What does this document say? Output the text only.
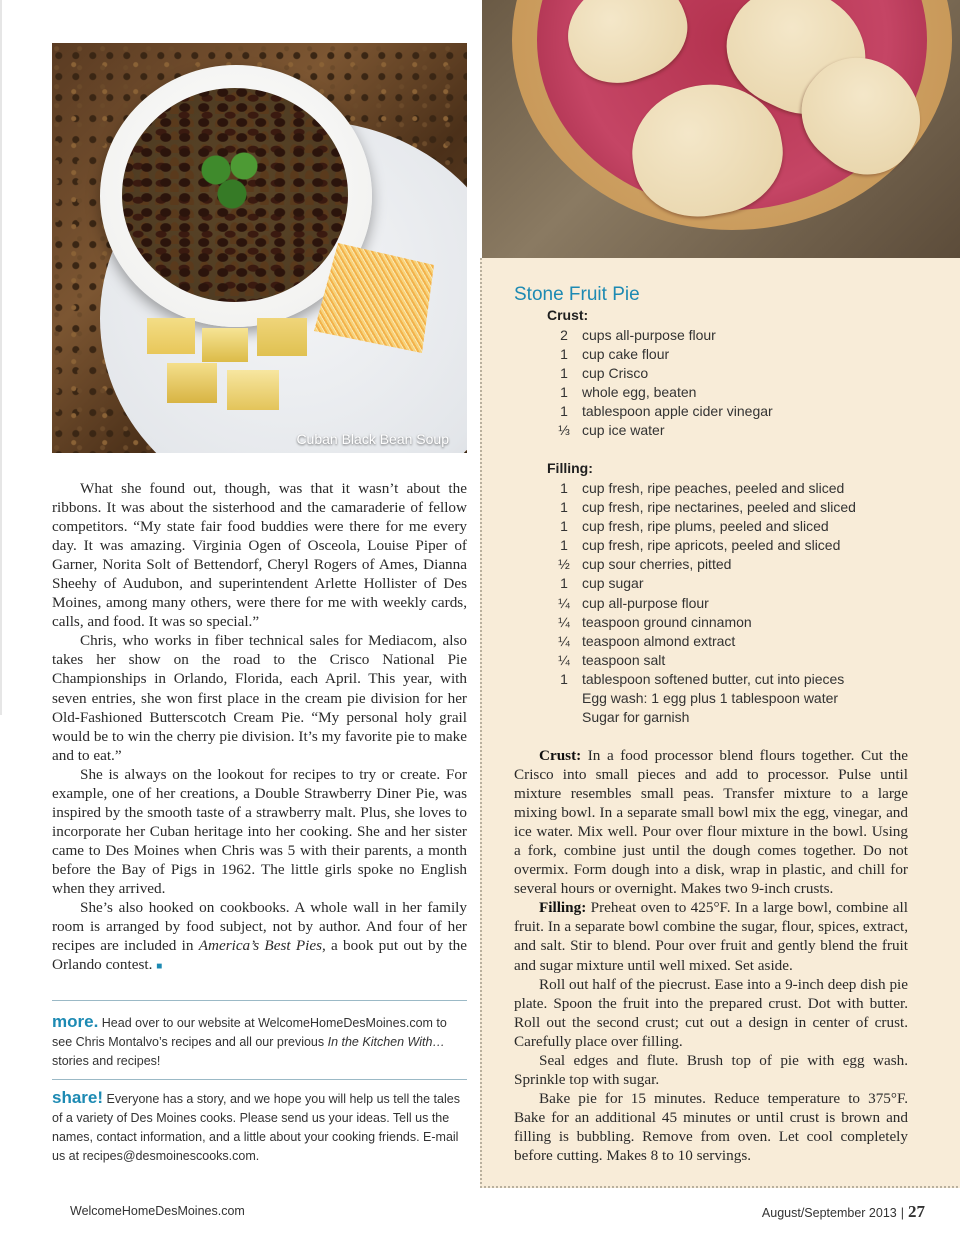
Cuban Black Bean Soup
Stone Fruit Pie
Crust:
2 cups all-purpose flour
1 cup cake flour
1 cup Crisco
1 whole egg, beaten
1 tablespoon apple cider vinegar
⅓ cup ice water
Filling:
1 cup fresh, ripe peaches, peeled and sliced
1 cup fresh, ripe nectarines, peeled and sliced
1 cup fresh, ripe plums, peeled and sliced
1 cup fresh, ripe apricots, peeled and sliced
½ cup sour cherries, pitted
1 cup sugar
¼ cup all-purpose flour
¼ teaspoon ground cinnamon
¼ teaspoon almond extract
¼ teaspoon salt
1 tablespoon softened butter, cut into pieces
Egg wash: 1 egg plus 1 tablespoon water
Sugar for garnish

Crust: In a food processor blend flours together. Cut the Crisco into small pieces and add to processor. Pulse until mixture resembles small peas. Transfer mixture to a large mixing bowl. In a separate small bowl mix the egg, vinegar, and ice water. Mix well. Pour over flour mixture in the bowl. Using a fork, combine just until the dough comes together. Do not overmix. Form dough into a disk, wrap in plastic, and chill for several hours or overnight. Makes two 9-inch crusts.

Filling: Preheat oven to 425°F. In a large bowl, combine all fruit. In a separate bowl combine the sugar, flour, spices, extract, and salt. Stir to blend. Pour over fruit and gently blend the fruit and sugar mixture until well mixed. Set aside.

Roll out half of the piecrust. Ease into a 9-inch deep dish pie plate. Spoon the fruit into the prepared crust. Dot with butter. Roll out the second crust; cut out a design in center of crust. Carefully place over filling.

Seal edges and flute. Brush top of pie with egg wash. Sprinkle top with sugar.

Bake pie for 15 minutes. Reduce temperature to 375°F. Bake for an additional 45 minutes or until crust is brown and filling is bubbling. Remove from oven. Let cool completely before cutting. Makes 8 to 10 servings.

What she found out, though, was that it wasn’t about the ribbons. It was about the sisterhood and the camaraderie of fellow competitors. “My state fair food buddies were there for me every day. It was amazing. Virginia Ogen of Osceola, Louise Piper of Garner, Norita Solt of Bettendorf, Cheryl Rogers of Ames, Dianna Sheehy of Audubon, and superintendent Arlette Hollister of Des Moines, among many others, were there for me with weekly cards, calls, and food. It was so special.”

Chris, who works in fiber technical sales for Mediacom, also takes her show on the road to the Crisco National Pie Championships in Orlando, Florida, each April. This year, with seven entries, she won first place in the cream pie division for her Old-Fashioned Butterscotch Cream Pie. “My personal holy grail would be to win the cherry pie division. It’s my favorite pie to make and to eat.”

She is always on the lookout for recipes to try or create. For example, one of her creations, a Double Strawberry Diner Pie, was inspired by the smooth taste of a strawberry malt. Plus, she loves to incorporate her Cuban heritage into her cooking. She and her sister came to Des Moines when Chris was 5 with their parents, a month before the Bay of Pigs in 1962. The little girls spoke no English when they arrived.

She’s also hooked on cookbooks. A whole wall in her family room is arranged by food subject, not by author. And four of her recipes are included in America’s Best Pies, a book put out by the Orlando contest. ■

more. Head over to our website at WelcomeHomeDesMoines.com to see Chris Montalvo’s recipes and all our previous In the Kitchen With… stories and recipes!
share! Everyone has a story, and we hope you will help us tell the tales of a variety of Des Moines cooks. Please send us your ideas. Tell us the names, contact information, and a little about your cooking friends. E-mail us at recipes@desmoinescooks.com.
WelcomeHomeDesMoines.com	August/September 2013 | 27
